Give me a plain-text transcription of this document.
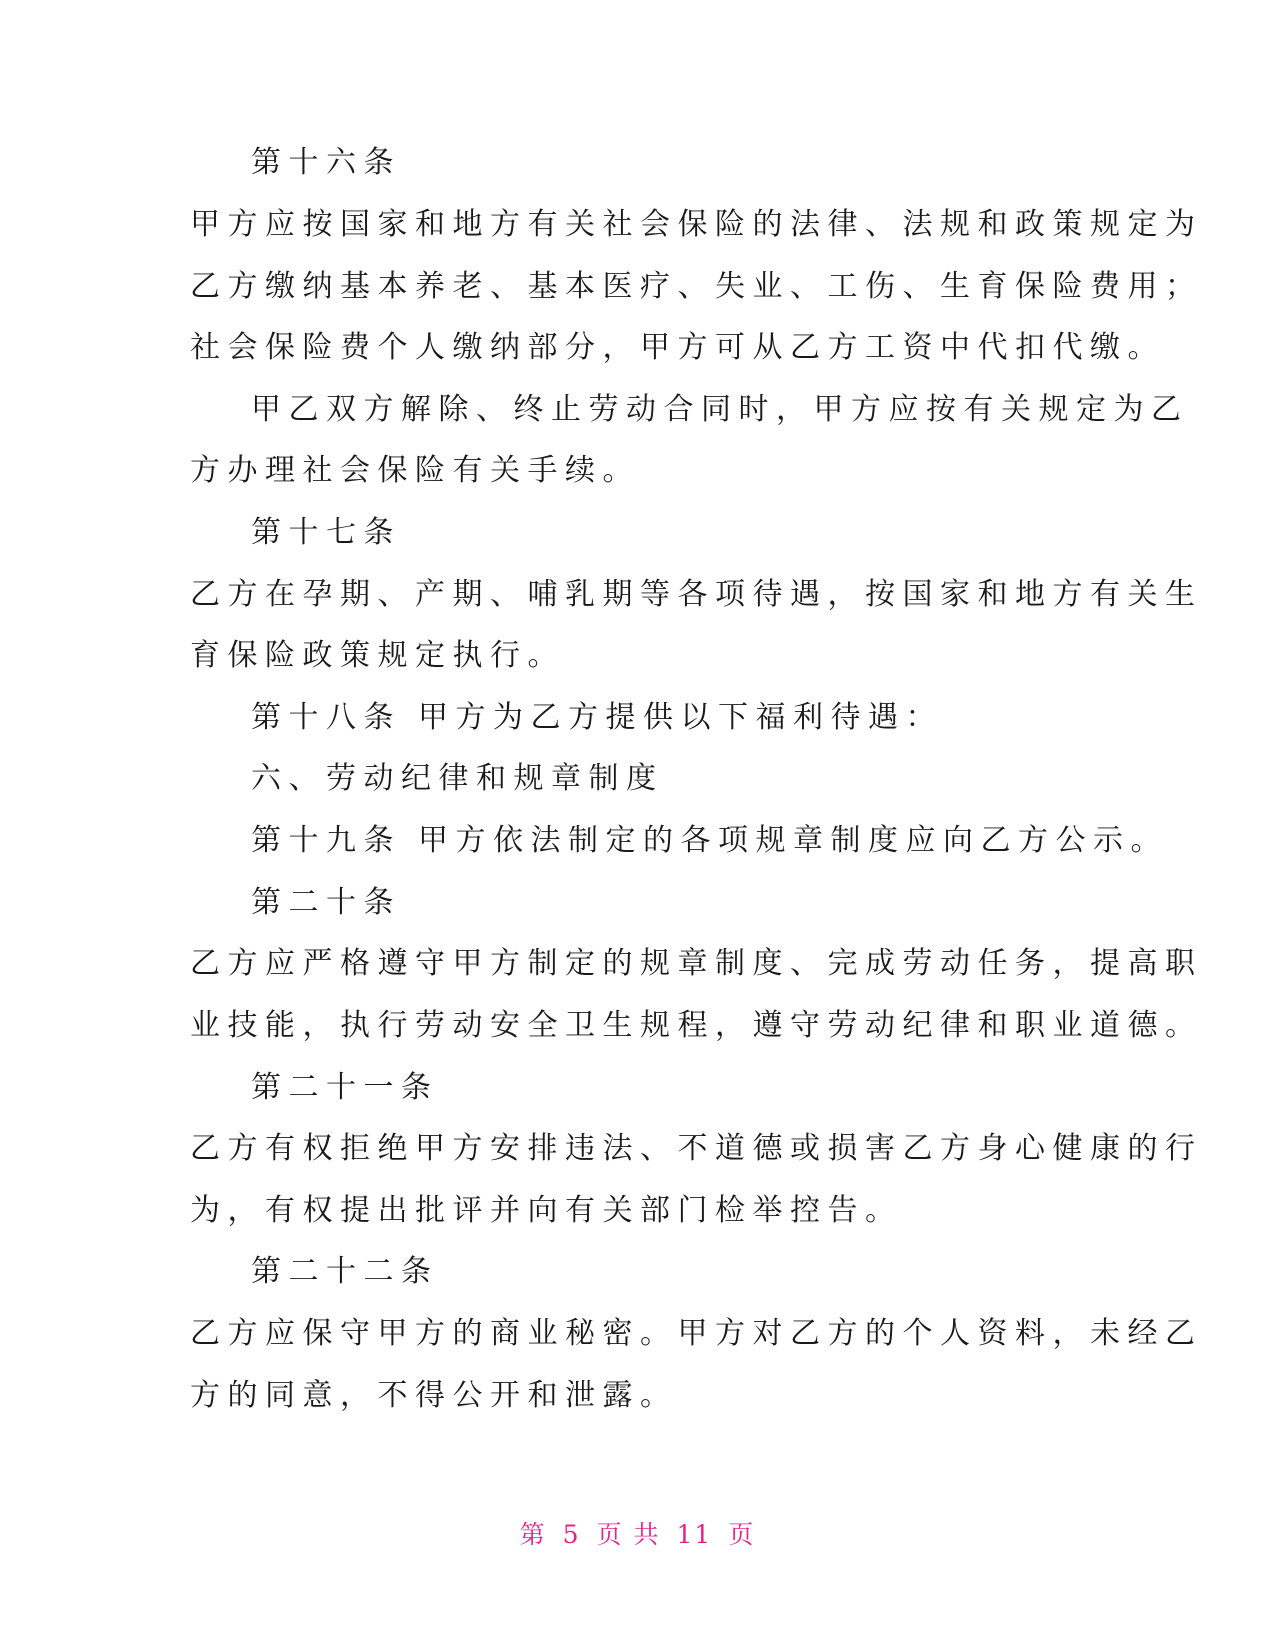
第十六条
甲方应按国家和地方有关社会保险的法律、法规和政策规定为
乙方缴纳基本养老、基本医疗、失业、工伤、生育保险费用；
社会保险费个人缴纳部分，甲方可从乙方工资中代扣代缴。
甲乙双方解除、终止劳动合同时，甲方应按有关规定为乙
方办理社会保险有关手续。
第十七条
乙方在孕期、产期、哺乳期等各项待遇，按国家和地方有关生
育保险政策规定执行。
第十八条 甲方为乙方提供以下福利待遇：
六、劳动纪律和规章制度
第十九条 甲方依法制定的各项规章制度应向乙方公示。
第二十条
乙方应严格遵守甲方制定的规章制度、完成劳动任务，提高职
业技能，执行劳动安全卫生规程，遵守劳动纪律和职业道德。
第二十一条
乙方有权拒绝甲方安排违法、不道德或损害乙方身心健康的行
为，有权提出批评并向有关部门检举控告。
第二十二条
乙方应保守甲方的商业秘密。甲方对乙方的个人资料，未经乙
方的同意，不得公开和泄露。
第 5 页 共 11 页
